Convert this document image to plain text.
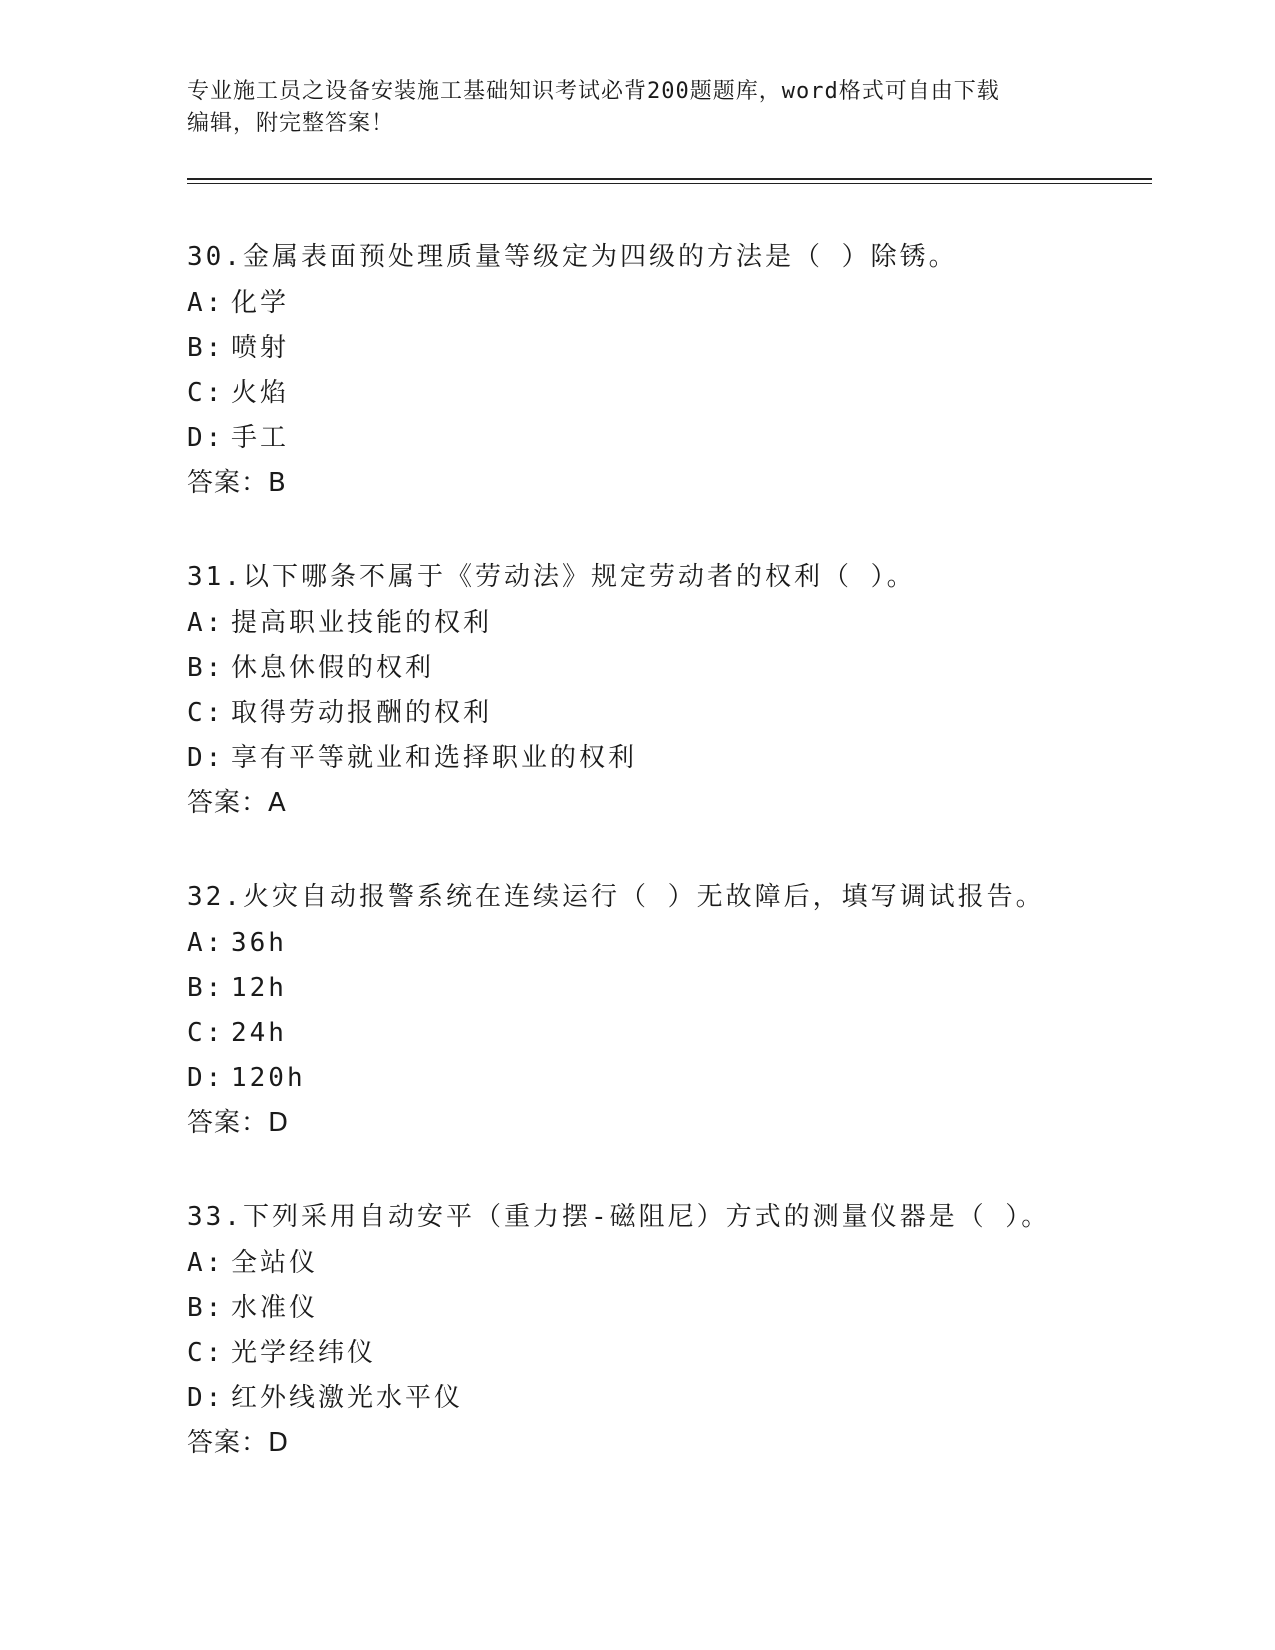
专业施工员之设备安装施工基础知识考试必背200题题库，word格式可自由下载
编辑，附完整答案！
30.金属表面预处理质量等级定为四级的方法是（ ）除锈。
A: 化学
B: 喷射
C: 火焰
D: 手工
答案：B
31.以下哪条不属于《劳动法》规定劳动者的权利（ ）。
A: 提高职业技能的权利
B: 休息休假的权利
C: 取得劳动报酬的权利
D: 享有平等就业和选择职业的权利
答案：A
32.火灾自动报警系统在连续运行（ ）无故障后，填写调试报告。
A: 36h
B: 12h
C: 24h
D: 120h
答案：D
33.下列采用自动安平（重力摆-磁阻尼）方式的测量仪器是（ ）。
A: 全站仪
B: 水准仪
C: 光学经纬仪
D: 红外线激光水平仪
答案：D
